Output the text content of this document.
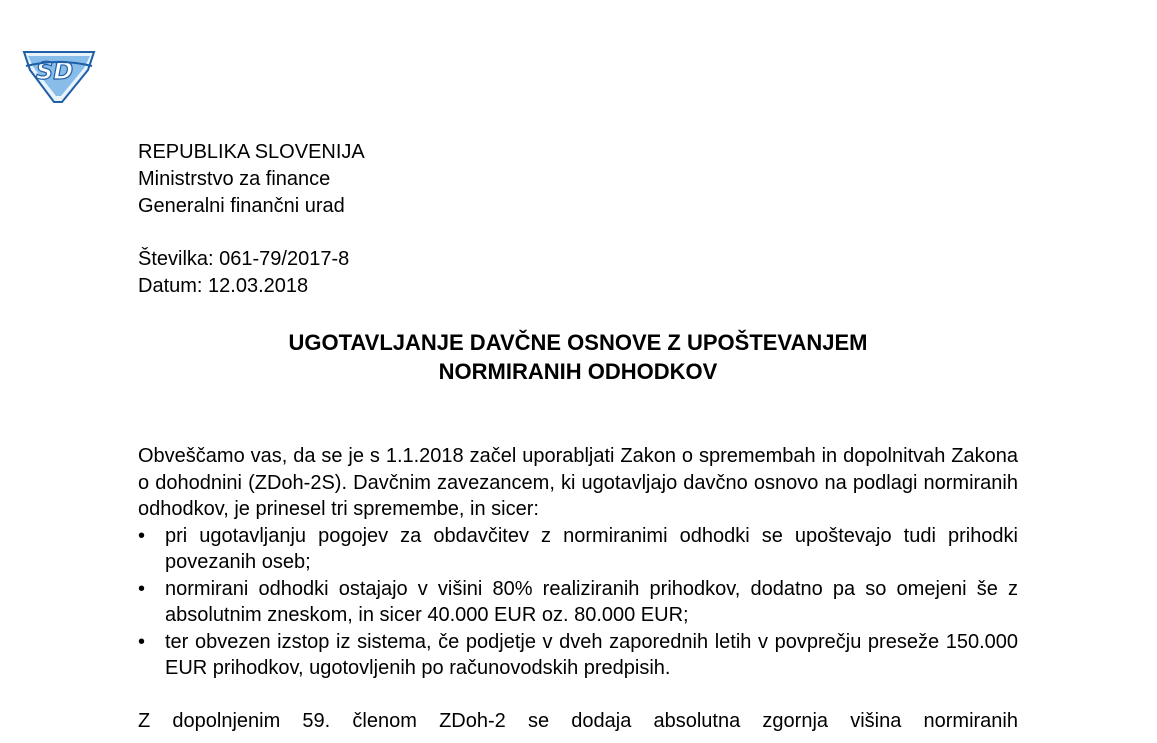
SD
REPUBLIKA SLOVENIJA
Ministrstvo za finance
Generalni finančni urad
Številka: 061-79/2017-8
Datum: 12.03.2018
UGOTAVLJANJE DAVČNE OSNOVE Z UPOŠTEVANJEM
NORMIRANIH ODHODKOV

Obveščamo vas, da se je s 1.1.2018 začel uporabljati Zakon o spremembah in dopolnitvah Zakona o dohodnini (ZDoh-2S). Davčnim zavezancem, ki ugotavljajo davčno osnovo na podlagi normiranih odhodkov, je prinesel tri spremembe, in sicer:

• pri ugotavljanju pogojev za obdavčitev z normiranimi odhodki se upoštevajo tudi prihodki povezanih oseb;
• normirani odhodki ostajajo v višini 80% realiziranih prihodkov, dodatno pa so omejeni še z absolutnim zneskom, in sicer 40.000 EUR oz. 80.000 EUR;
• ter obvezen izstop iz sistema, če podjetje v dveh zaporednih letih v povprečju preseže 150.000 EUR prihodkov, ugotovljenih po računovodskih predpisih.

Z dopolnjenim 59. členom ZDoh-2 se dodaja absolutna zgornja višina normiranih
